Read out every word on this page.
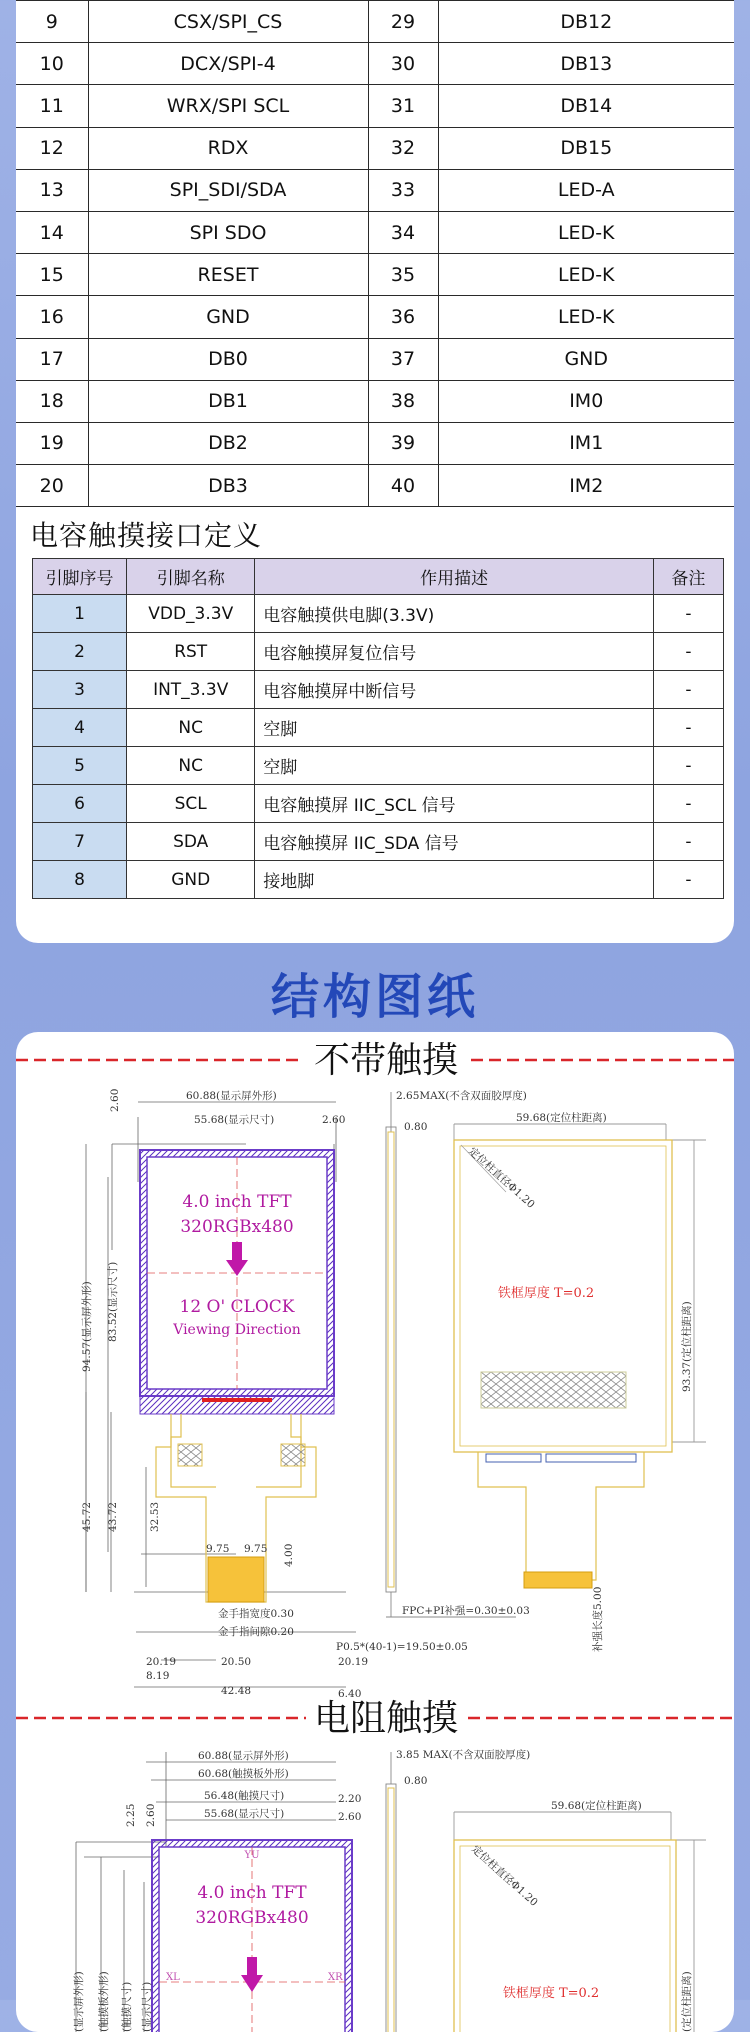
9	CSX/SPI_CS	29	DB12
10	DCX/SPI-4	30	DB13
11	WRX/SPI SCL	31	DB14
12	RDX	32	DB15
13	SPI_SDI/SDA	33	LED-A
14	SPI SDO	34	LED-K
15	RESET	35	LED-K
16	GND	36	LED-K
17	DB0	37	GND
18	DB1	38	IM0
19	DB2	39	IM1
20	DB3	40	IM2
电容触摸接口定义
引脚序号	引脚名称	作用描述	备注
1	VDD_3.3V	电容触摸供电脚(3.3V)	-
2	RST	电容触摸屏复位信号	-
3	INT_3.3V	电容触摸屏中断信号	-
4	NC	空脚	-
5	NC	空脚	-
6	SCL	电容触摸屏 IIC_SCL 信号	-
7	SDA	电容触摸屏 IIC_SDA 信号	-
8	GND	接地脚	-
结构图纸
不带触摸
4.0 inch TFT
320RGBx480
12 O' CLOCK
Viewing Direction
60.88(显示屏外形)
55.68(显示尺寸)	2.60
2.60
94.57(显示屏外形) 83.52(显示尺寸)
45.72 43.72	32.53
9.75 9.75 4.00
金手指宽度0.30
金手指间隙0.20
P0.5*(40-1)=19.50±0.05
20.19
8.19
20.50	20.19
42.48	6.40
2.65MAX(不含双面胶厚度)
0.80
FPC+PI补强=0.30±0.03
铁框厚度 T=0.2
定位柱直径Φ1.20
59.68(定位柱距离)
93.37(定位柱距离)
补强长度5.00
电阻触摸
YU
XL	XR
4.0 inch TFT
320RGBx480
60.88(显示屏外形)
60.68(触摸板外形)
56.48(触摸尺寸)
55.68(显示尺寸)
2.20
2.60
2.25 2.60
(显示屏外形) (触摸板外形) (触摸尺寸) (显示尺寸)
3.85 MAX(不含双面胶厚度)
0.80
59.68(定位柱距离)
定位柱直径Φ1.20
(定位柱距离)
铁框厚度 T=0.2
